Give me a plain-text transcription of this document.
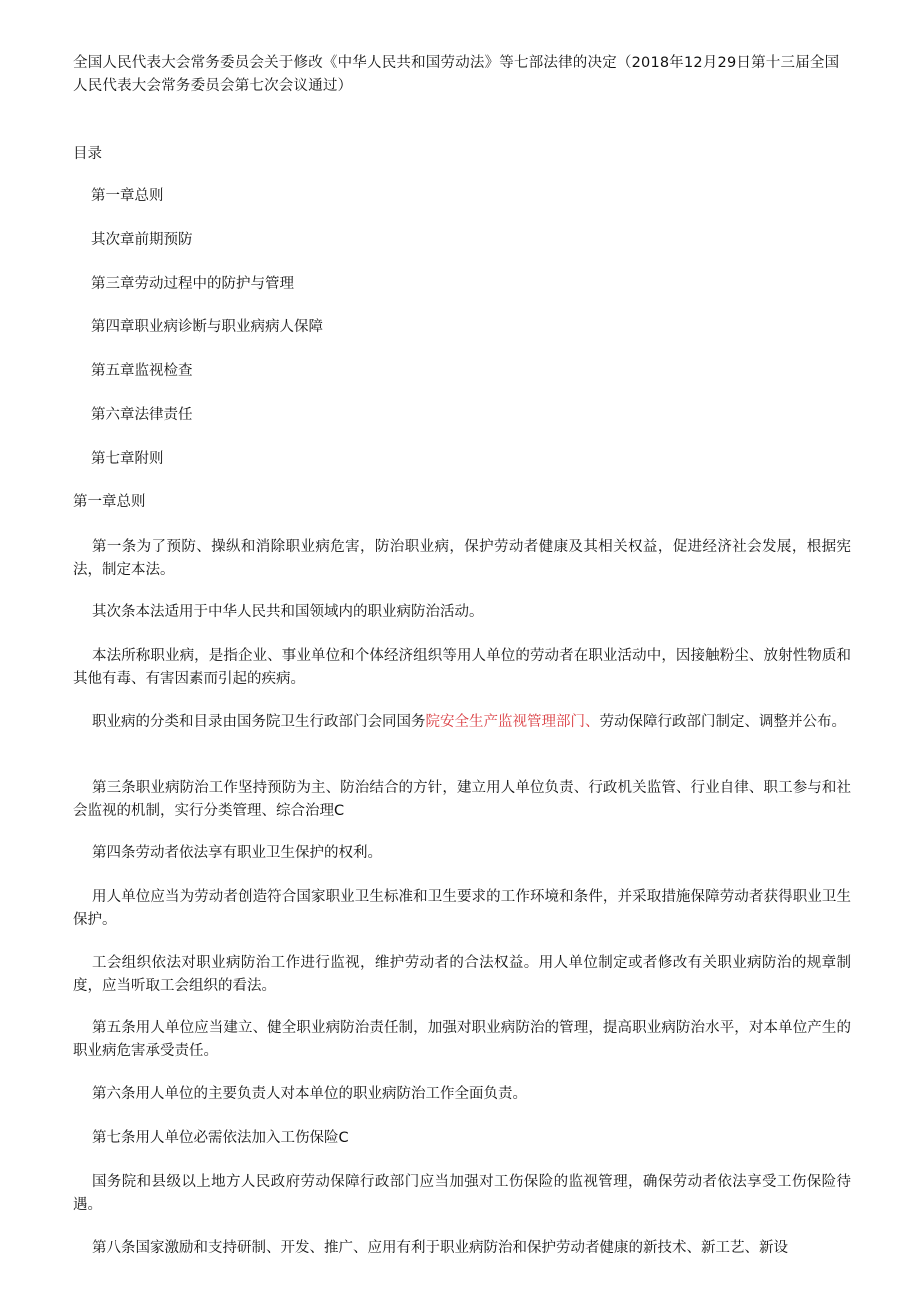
全国人民代表大会常务委员会关于修改《中华人民共和国劳动法》等七部法律的决定（2018年12月29日第十三届全国人民代表大会常务委员会第七次会议通过）
目录
第一章总则
其次章前期预防
第三章劳动过程中的防护与管理
第四章职业病诊断与职业病病人保障
第五章监视检查
第六章法律责任
第七章附则
第一章总则
第一条为了预防、操纵和消除职业病危害，防治职业病，保护劳动者健康及其相关权益，促进经济社会发展，根据宪法，制定本法。
其次条本法适用于中华人民共和国领域内的职业病防治活动。
本法所称职业病，是指企业、事业单位和个体经济组织等用人单位的劳动者在职业活动中，因接触粉尘、放射性物质和其他有毒、有害因素而引起的疾病。
职业病的分类和目录由国务院卫生行政部门会同国务院安全生产监视管理部门、劳动保障行政部门制定、调整并公布。
第三条职业病防治工作坚持预防为主、防治结合的方针，建立用人单位负责、行政机关监管、行业自律、职工参与和社会监视的机制，实行分类管理、综合治理C
第四条劳动者依法享有职业卫生保护的权利。
用人单位应当为劳动者创造符合国家职业卫生标准和卫生要求的工作环境和条件，并采取措施保障劳动者获得职业卫生保护。
工会组织依法对职业病防治工作进行监视，维护劳动者的合法权益。用人单位制定或者修改有关职业病防治的规章制度，应当听取工会组织的看法。
第五条用人单位应当建立、健全职业病防治责任制，加强对职业病防治的管理，提高职业病防治水平，对本单位产生的职业病危害承受责任。
第六条用人单位的主要负责人对本单位的职业病防治工作全面负责。
第七条用人单位必需依法加入工伤保险C
国务院和县级以上地方人民政府劳动保障行政部门应当加强对工伤保险的监视管理，确保劳动者依法享受工伤保险待遇。
第八条国家激励和支持研制、开发、推广、应用有利于职业病防治和保护劳动者健康的新技术、新工艺、新设
